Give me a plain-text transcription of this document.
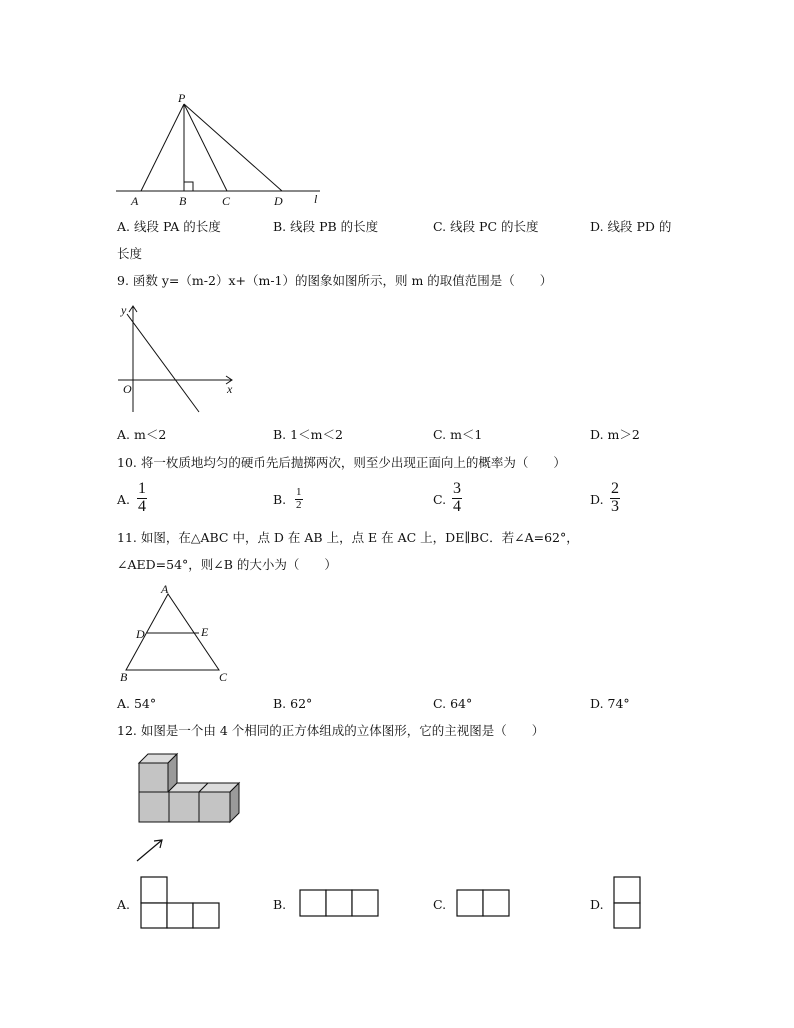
P
A	B	C	D	l
A. 线段 PA 的长度	B. 线段 PB 的长度	C. 线段 PC 的长度	D. 线段 PD 的
长度
9. 函数 y=（m-2）x+（m-1）的图象如图所示，则 m 的取值范围是（　　）
y
O	x
A. m＜2	B. 1＜m＜2	C. m＜1	D. m＞2
10. 将一枚质地均匀的硬币先后抛掷两次，则至少出现正面向上的概率为（　　）
A. $\frac{1}{4}$	B. $\frac{1}{2}$	C. $\frac{3}{4}$	D. $\frac{2}{3}$
11. 如图，在△ABC 中，点 D 在 AB 上，点 E 在 AC 上，DE∥BC．若∠A=62°，
∠AED=54°，则∠B 的大小为（　　）
A
D	E
B	C
A. 54°	B. 62°	C. 64°	D. 74°
12. 如图是一个由 4 个相同的正方体组成的立体图形，它的主视图是（　　）
A.	B.	C.	D.
